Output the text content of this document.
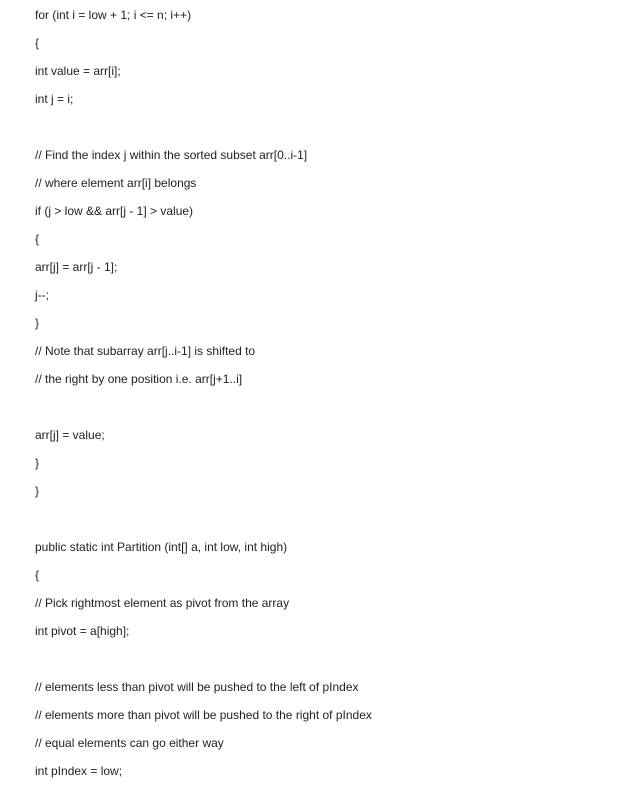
for (int i = low + 1; i <= n; i++)
{
int value = arr[i];
int j = i;
// Find the index j within the sorted subset arr[0..i-1]
// where element arr[i] belongs
if (j > low && arr[j - 1] > value)
{
arr[j] = arr[j - 1];
j--;
}
// Note that subarray arr[j..i-1] is shifted to
// the right by one position i.e. arr[j+1..i]
arr[j] = value;
}
}
public static int Partition (int[] a, int low, int high)
{
// Pick rightmost element as pivot from the array
int pivot = a[high];
// elements less than pivot will be pushed to the left of pIndex
// elements more than pivot will be pushed to the right of pIndex
// equal elements can go either way
int pIndex = low;
